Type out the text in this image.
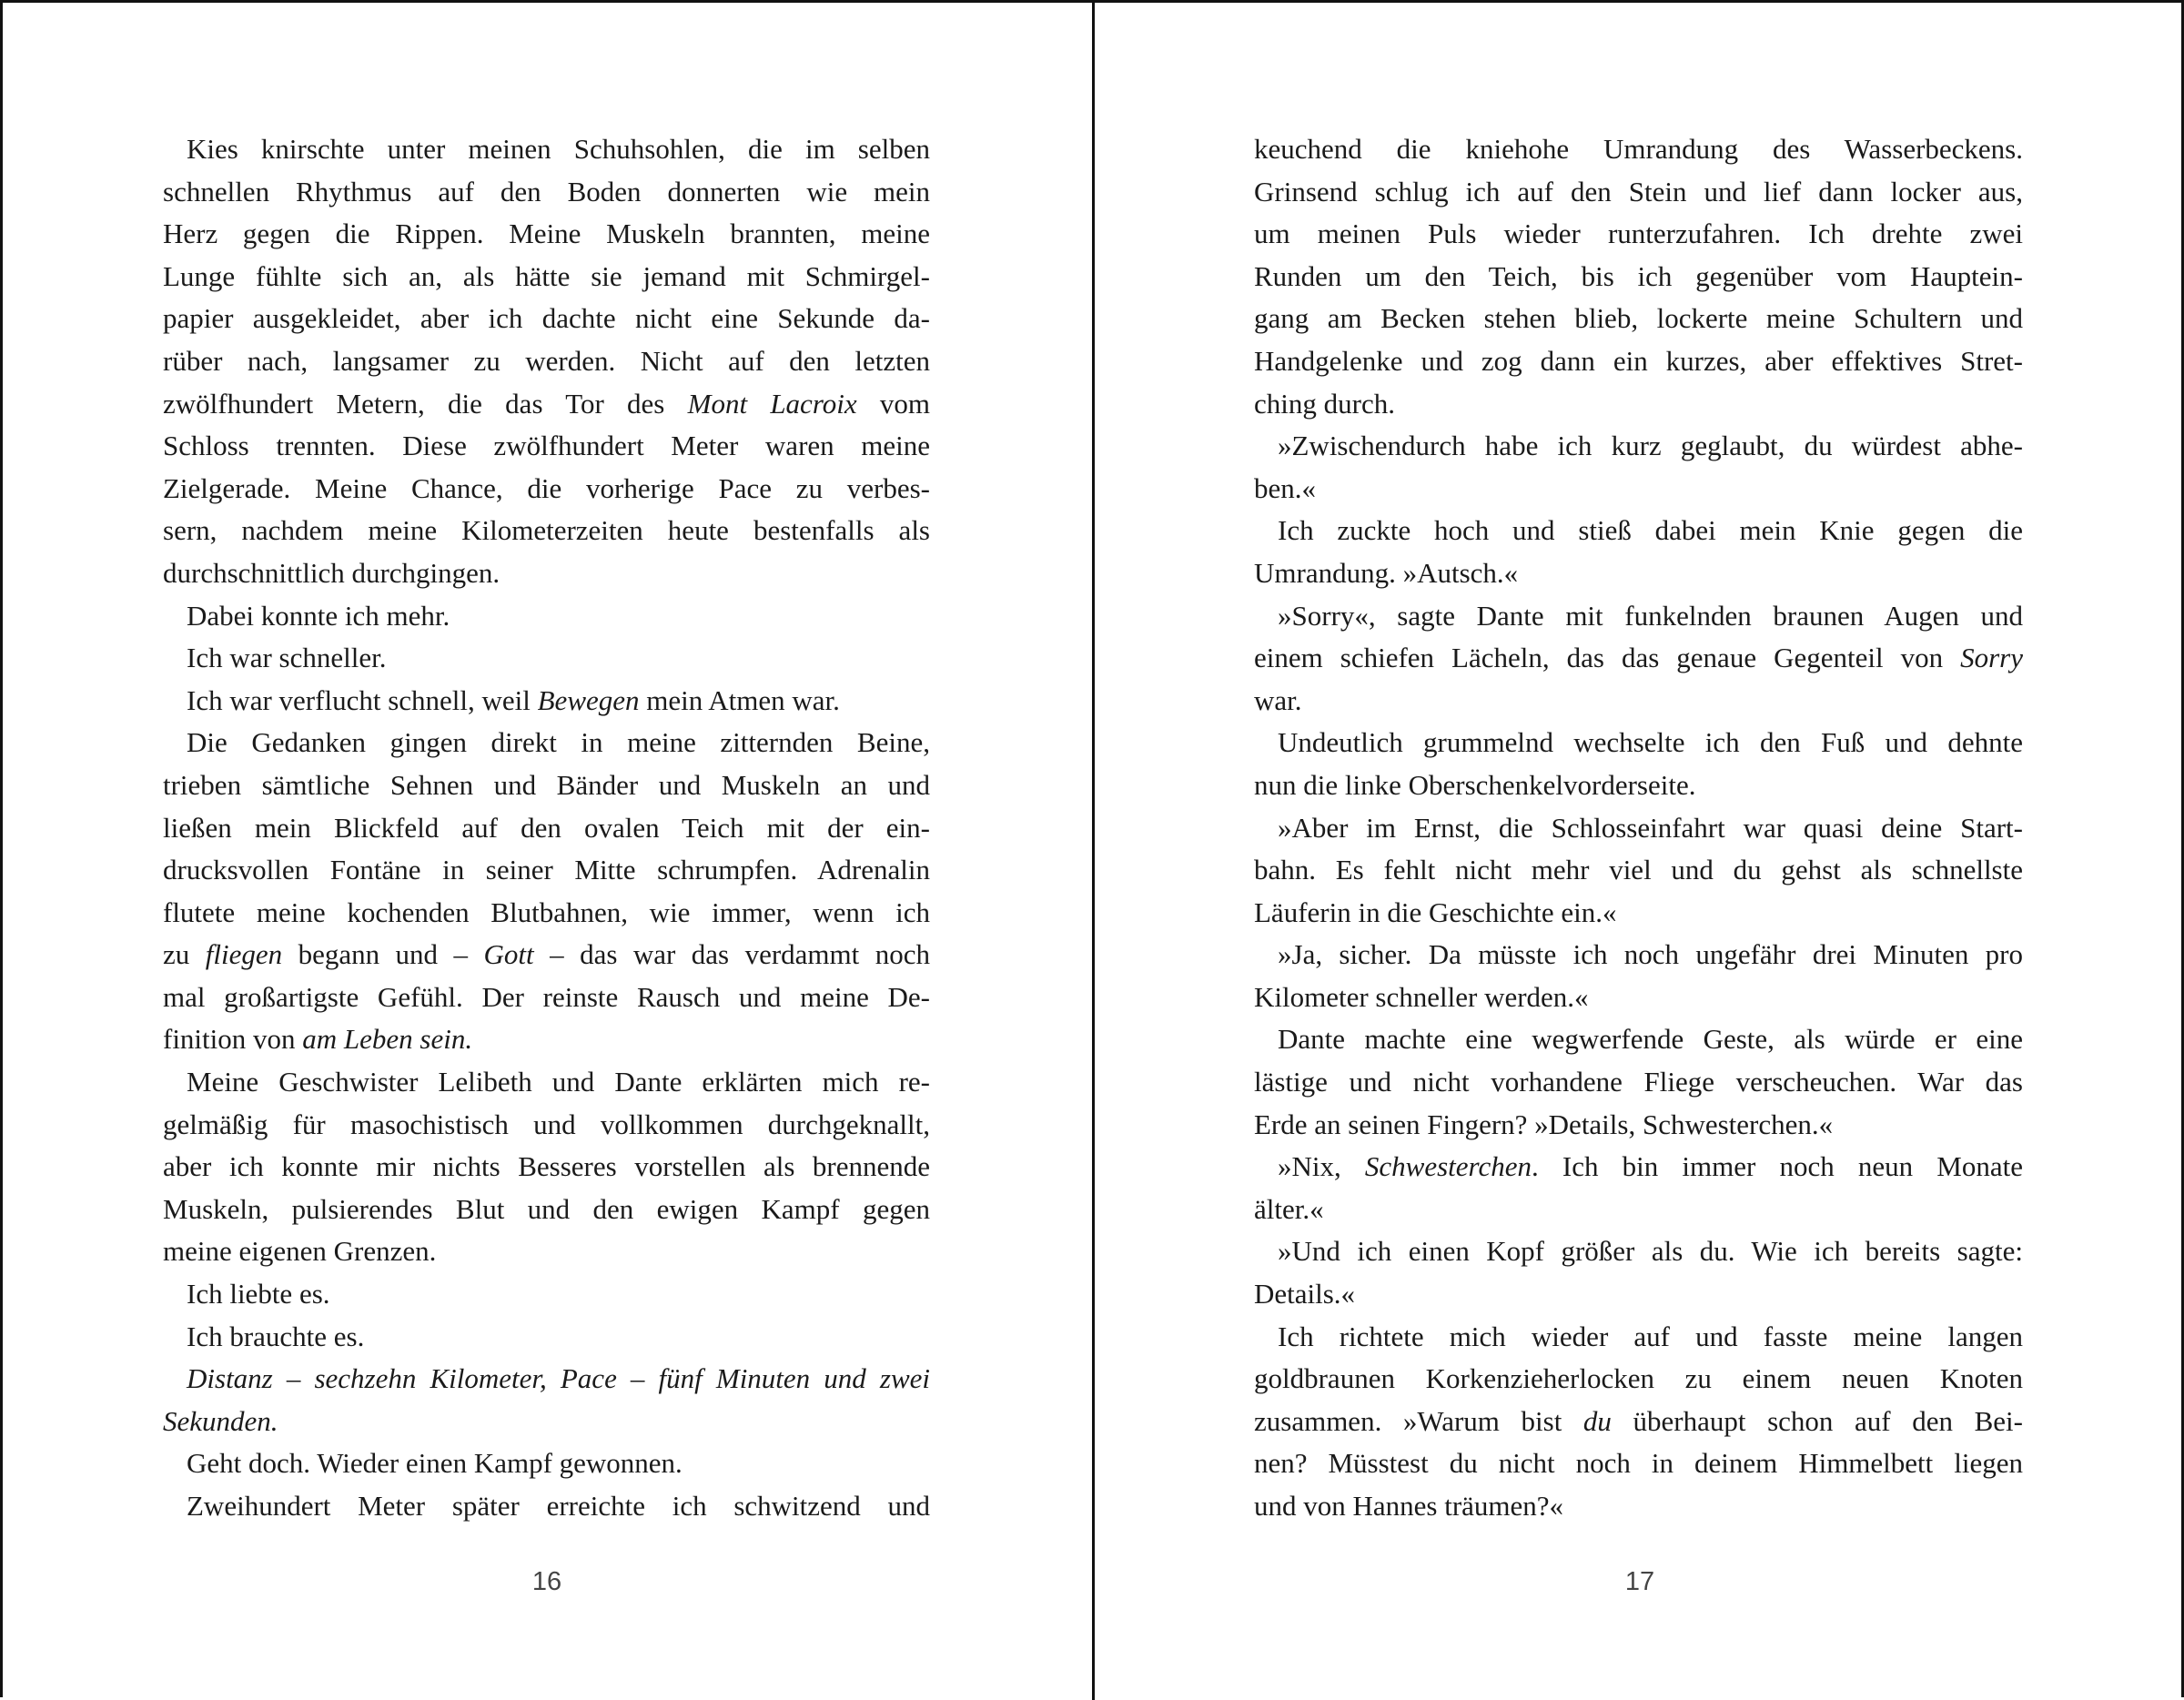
Kies knirschte unter meinen Schuhsohlen, die im selben
schnellen Rhythmus auf den Boden donnerten wie mein
Herz gegen die Rippen. Meine Muskeln brannten, meine
Lunge fühlte sich an, als hätte sie jemand mit Schmirgel-
papier ausgekleidet, aber ich dachte nicht eine Sekunde da-
rüber nach, langsamer zu werden. Nicht auf den letzten
zwölfhundert Metern, die das Tor des Mont Lacroix vom
Schloss trennten. Diese zwölfhundert Meter waren meine
Zielgerade. Meine Chance, die vorherige Pace zu verbes-
sern, nachdem meine Kilometerzeiten heute bestenfalls als
durchschnittlich durchgingen.
Dabei konnte ich mehr.
Ich war schneller.
Ich war verflucht schnell, weil Bewegen mein Atmen war.
Die Gedanken gingen direkt in meine zitternden Beine,
trieben sämtliche Sehnen und Bänder und Muskeln an und
ließen mein Blickfeld auf den ovalen Teich mit der ein-
drucksvollen Fontäne in seiner Mitte schrumpfen. Adrenalin
flutete meine kochenden Blutbahnen, wie immer, wenn ich
zu fliegen begann und – Gott – das war das verdammt noch
mal großartigste Gefühl. Der reinste Rausch und meine De-
finition von am Leben sein.
Meine Geschwister Lelibeth und Dante erklärten mich re-
gelmäßig für masochistisch und vollkommen durchgeknallt,
aber ich konnte mir nichts Besseres vorstellen als brennende
Muskeln, pulsierendes Blut und den ewigen Kampf gegen
meine eigenen Grenzen.
Ich liebte es.
Ich brauchte es.
Distanz – sechzehn Kilometer, Pace – fünf Minuten und zwei
Sekunden.
Geht doch. Wieder einen Kampf gewonnen.
Zweihundert Meter später erreichte ich schwitzend und
keuchend die kniehohe Umrandung des Wasserbeckens.
Grinsend schlug ich auf den Stein und lief dann locker aus,
um meinen Puls wieder runterzufahren. Ich drehte zwei
Runden um den Teich, bis ich gegenüber vom Hauptein-
gang am Becken stehen blieb, lockerte meine Schultern und
Handgelenke und zog dann ein kurzes, aber effektives Stret-
ching durch.
»Zwischendurch habe ich kurz geglaubt, du würdest abhe-
ben.«
Ich zuckte hoch und stieß dabei mein Knie gegen die
Umrandung. »Autsch.«
»Sorry«, sagte Dante mit funkelnden braunen Augen und
einem schiefen Lächeln, das das genaue Gegenteil von Sorry
war.
Undeutlich grummelnd wechselte ich den Fuß und dehnte
nun die linke Oberschenkelvorderseite.
»Aber im Ernst, die Schlosseinfahrt war quasi deine Start-
bahn. Es fehlt nicht mehr viel und du gehst als schnellste
Läuferin in die Geschichte ein.«
»Ja, sicher. Da müsste ich noch ungefähr drei Minuten pro
Kilometer schneller werden.«
Dante machte eine wegwerfende Geste, als würde er eine
lästige und nicht vorhandene Fliege verscheuchen. War das
Erde an seinen Fingern? »Details, Schwesterchen.«
»Nix, Schwesterchen. Ich bin immer noch neun Monate
älter.«
»Und ich einen Kopf größer als du. Wie ich bereits sagte:
Details.«
Ich richtete mich wieder auf und fasste meine langen
goldbraunen Korkenzieherlocken zu einem neuen Knoten
zusammen. »Warum bist du überhaupt schon auf den Bei-
nen? Müsstest du nicht noch in deinem Himmelbett liegen
und von Hannes träumen?«
16	17
